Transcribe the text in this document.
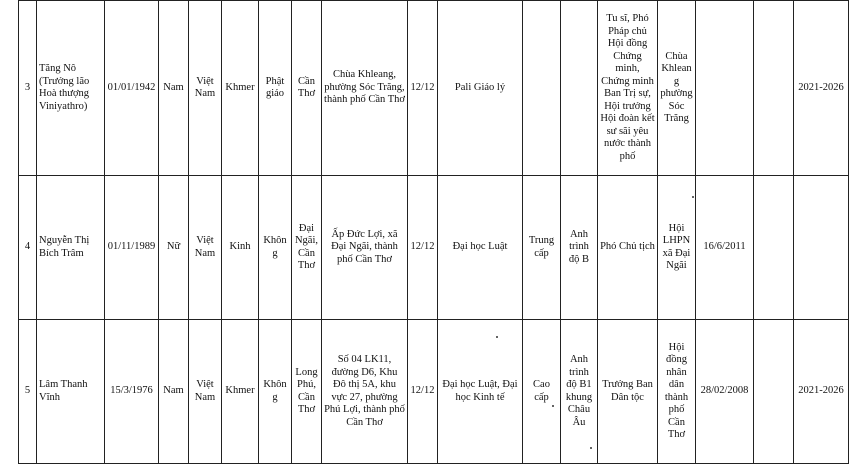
3	Tăng Nô (Trưởng lão Hoà thượng Viniyathro)	01/01/1942	Nam	Việt Nam	Khmer	Phật giáo	Cần Thơ	Chùa Khleang, phường Sóc Trăng, thành phố Cần Thơ	12/12	Pali Giáo lý			Tu sĩ, Phó Pháp chủ Hội đồng Chứng minh, Chứng minh Ban Trị sự, Hội trưởng Hội đoàn kết sư sãi yêu nước thành phố	Chùa Khleang phường Sóc Trăng			2021-2026
4	Nguyễn Thị Bích Trâm	01/11/1989	Nữ	Việt Nam	Kinh	Không	Đại Ngãi, Cần Thơ	Ấp Đức Lợi, xã Đại Ngãi, thành phố Cần Thơ	12/12	Đại học Luật	Trung cấp	Anh trình độ B	Phó Chủ tịch	Hội LHPN xã Đại Ngãi	16/6/2011		
5	Lâm Thanh Vĩnh	15/3/1976	Nam	Việt Nam	Khmer	Không	Long Phú, Cần Thơ	Số 04 LK11, đường D6, Khu Đô thị 5A, khu vực 27, phường Phú Lợi, thành phố Cần Thơ	12/12	Đại học Luật, Đại học Kinh tế	Cao cấp	Anh trình độ B1 khung Châu Âu	Trưởng Ban Dân tộc	Hội đồng nhân dân thành phố Cần Thơ	28/02/2008		2021-2026
